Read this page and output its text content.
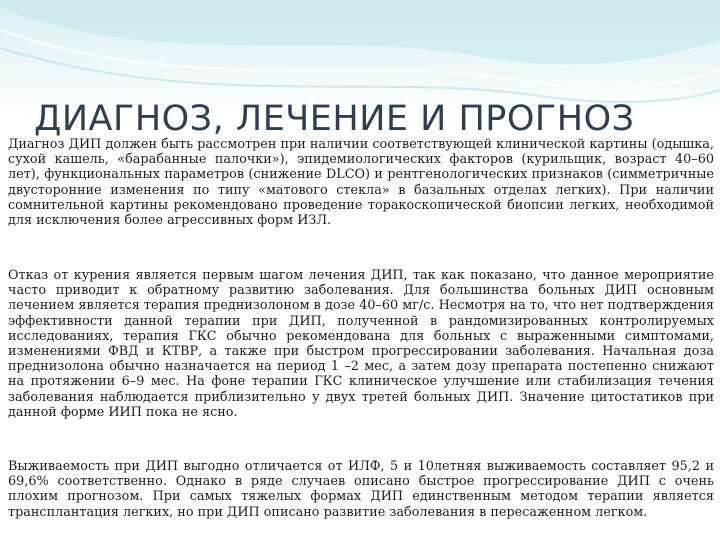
ДИАГНОЗ, ЛЕЧЕНИЕ И ПРОГНОЗ

Диагноз ДИП должен быть рассмотрен при наличии соответствующей клинической картины (одышка, сухой кашель, «барабанные палочки»), эпидемиологических факторов (курильщик, возраст 40–60 лет), функциональных параметров (снижение DLCO) и рентгенологических признаков (симметричные двусторонние изменения по типу «матового стекла» в базальных отделах легких). При наличии сомнительной картины рекомендовано проведение торакоскопической биопсии легких, необходимой для исключения более агрессивных форм ИЗЛ.

Отказ от курения является первым шагом лечения ДИП, так как показано, что данное мероприятие часто приводит к обратному развитию заболевания. Для большинства больных ДИП основным лечением является терапия преднизолоном в дозе 40–60 мг/с. Несмотря на то, что нет подтверждения эффективности данной терапии при ДИП, полученной в рандомизированных контролируемых исследованиях, терапия ГКС обычно рекомендована для больных с выраженными симптомами, изменениями ФВД и КТВР, а также при быстром прогрессировании заболевания. Начальная доза преднизолона обычно назначается на период 1 –2 мес, а затем дозу препарата постепенно снижают на протяжении 6–9 мес. На фоне терапии ГКС клиническое улучшение или стабилизация течения заболевания наблюдается приблизительно у двух третей больных ДИП. Значение цитостатиков при данной форме ИИП пока не ясно.

Выживаемость при ДИП выгодно отличается от ИЛФ, 5 и 10летняя выживаемость составляет 95,2 и 69,6% соответственно. Однако в ряде случаев описано быстрое прогрессирование ДИП с очень плохим прогнозом. При самых тяжелых формах ДИП единственным методом терапии является трансплантация легких, но при ДИП описано развитие заболевания в пересаженном легком.
